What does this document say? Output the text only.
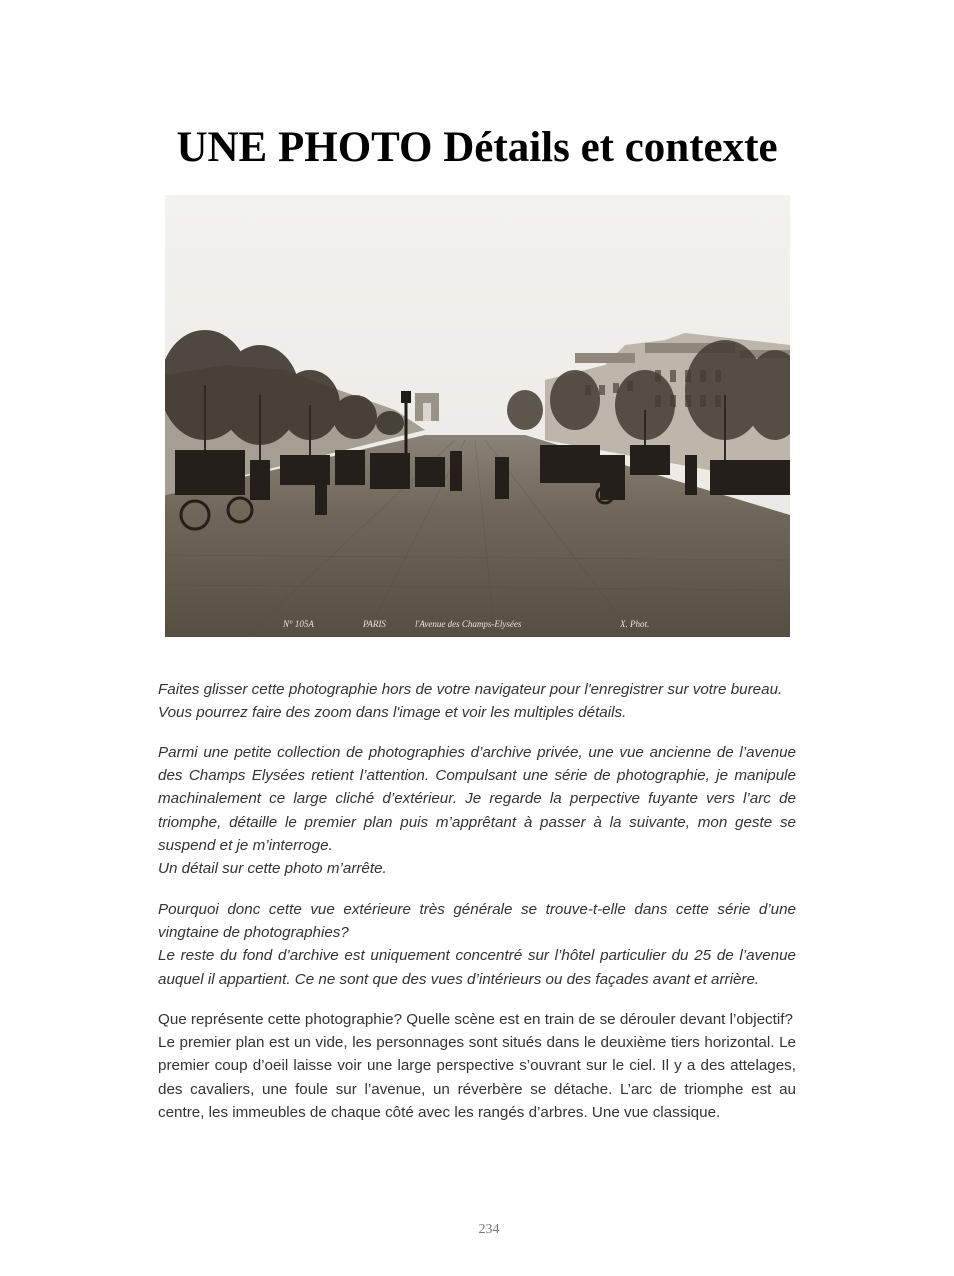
UNE PHOTO Détails et contexte
N° 105A	PARIS	l'Avenue des Champs-Elysées	X. Phot.

Faites glisser cette photographie hors de votre navigateur pour l'enregistrer sur votre bureau.

Vous pourrez faire des zoom dans l'image et voir les multiples détails.

Parmi une petite collection de photographies d’archive privée, une vue ancienne de l’avenue des Champs Elysées retient l’attention. Compulsant une série de photographie, je manipule machinalement ce large cliché d’extérieur. Je regarde la perpective fuyante vers l’arc de triomphe, détaille le premier plan puis m’apprêtant à passer à la suivante, mon geste se suspend et je m’interroge.

Un détail sur cette photo m’arrête.

Pourquoi donc cette vue extérieure très générale se trouve-t-elle dans cette série d’une vingtaine de photographies?

Le reste du fond d’archive est uniquement concentré sur l’hôtel particulier du 25 de l’avenue auquel il appartient. Ce ne sont que des vues d’intérieurs ou des façades avant et arrière.

Que représente cette photographie? Quelle scène est en train de se dérouler devant l’objectif?

Le premier plan est un vide, les personnages sont situés dans le deuxième tiers horizontal. Le premier coup d’oeil laisse voir une large perspective s’ouvrant sur le ciel. Il y a des attelages, des cavaliers, une foule sur l’avenue, un réverbère se détache. L’arc de triomphe est au centre, les immeubles de chaque côté avec les rangés d’arbres. Une vue classique.

234
